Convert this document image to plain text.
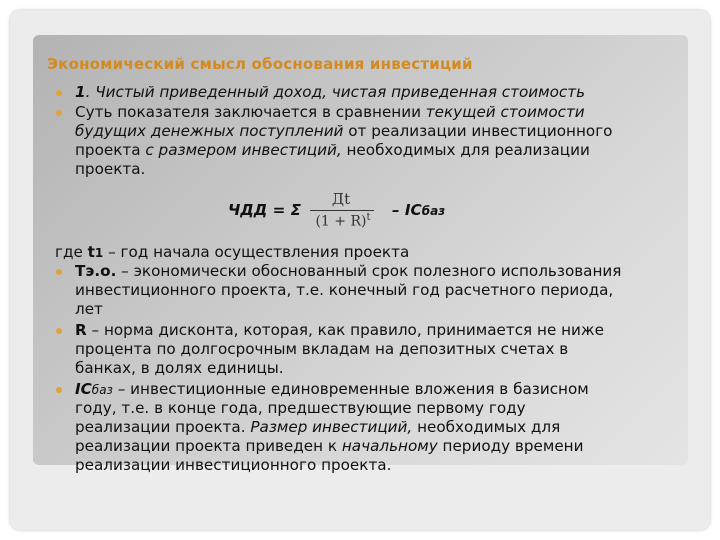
Экономический смысл обоснования инвестиций
1. Чистый приведенный доход, чистая приведенная стоимость
Суть показателя заключается в сравнении текущей стоимости
будущих денежных поступлений от реализации инвестиционного
проекта с размером инвестиций, необходимых для реализации
проекта.
ЧДД = Σ
Дt
$(1 + R)^t$	– ICбаз
где t1 – год начала осуществления проекта
Тэ.о. – экономически обоснованный срок полезного использования
инвестиционного проекта, т.е. конечный год расчетного периода,
лет
R – норма дисконта, которая, как правило, принимается не ниже
процента по долгосрочным вкладам на депозитных счетах в
банках, в долях единицы.
ICбаз – инвестиционные единовременные вложения в базисном
году, т.е. в конце года, предшествующие первому году
реализации проекта. Размер инвестиций, необходимых для
реализации проекта приведен к начальному периоду времени
реализации инвестиционного проекта.
